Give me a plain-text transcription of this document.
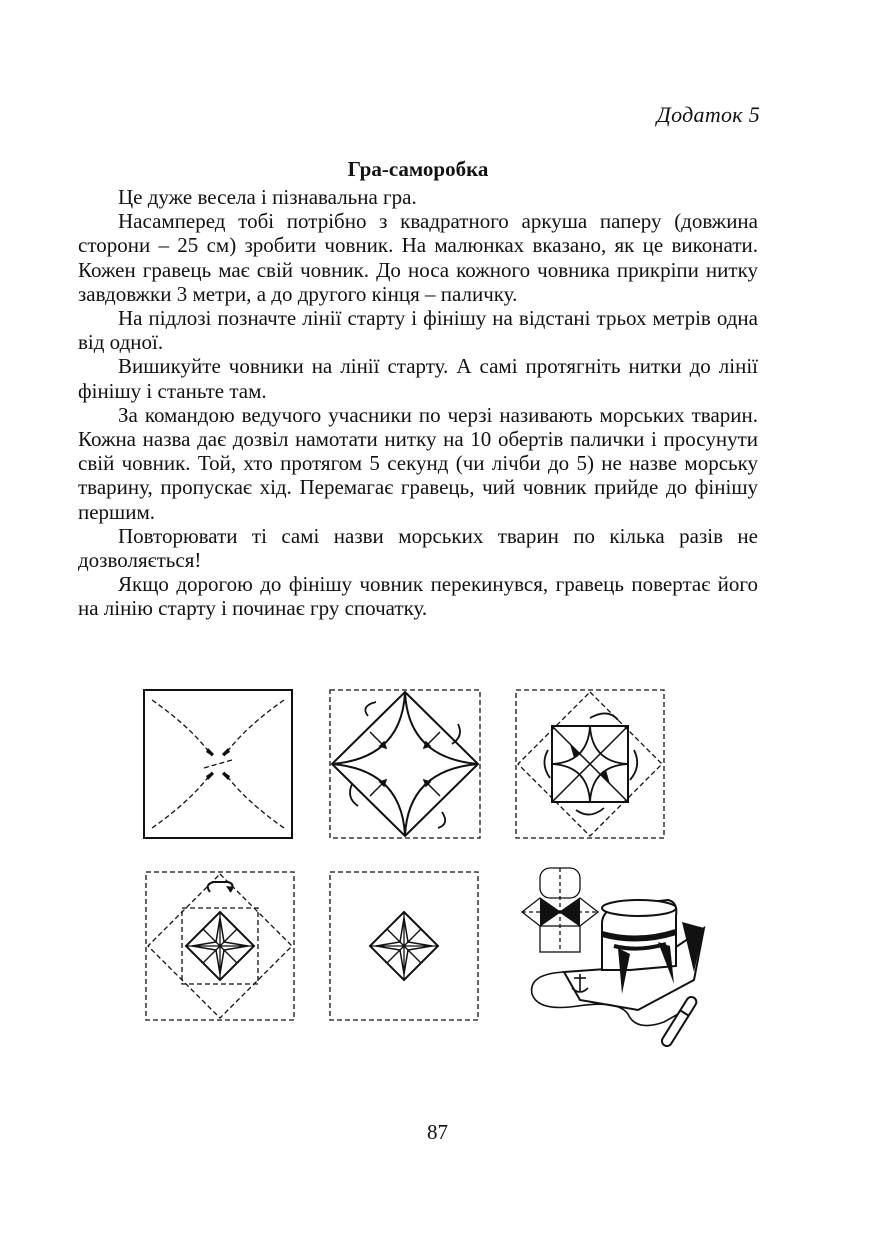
Додаток 5
Гра-саморобка

Це дуже весела і пізнавальна гра.

Насамперед тобі потрібно з квадратного аркуша паперу (довжина сторони – 25 см) зробити човник. На малюнках вказано, як це виконати. Кожен гравець має свій човник. До носа кожного човника прикріпи нитку завдовжки 3 метри, а до другого кінця – паличку.

На підлозі позначте лінії старту і фінішу на відстані трьох метрів одна від одної.

Вишикуйте човники на лінії старту. А самі протягніть нитки до лінії фінішу і станьте там.

За командою ведучого учасники по черзі називають морських тварин. Кожна назва дає дозвіл намотати нитку на 10 обертів палички і просунути свій човник. Той, хто протягом 5 секунд (чи лічби до 5) не назве морську тварину, пропускає хід. Перемагає гравець, чий човник прийде до фінішу першим.

Повторювати ті самі назви морських тварин по кілька разів не дозволяється!

Якщо дорогою до фінішу човник перекинувся, гравець повертає його на лінію старту і починає гру спочатку.

87
